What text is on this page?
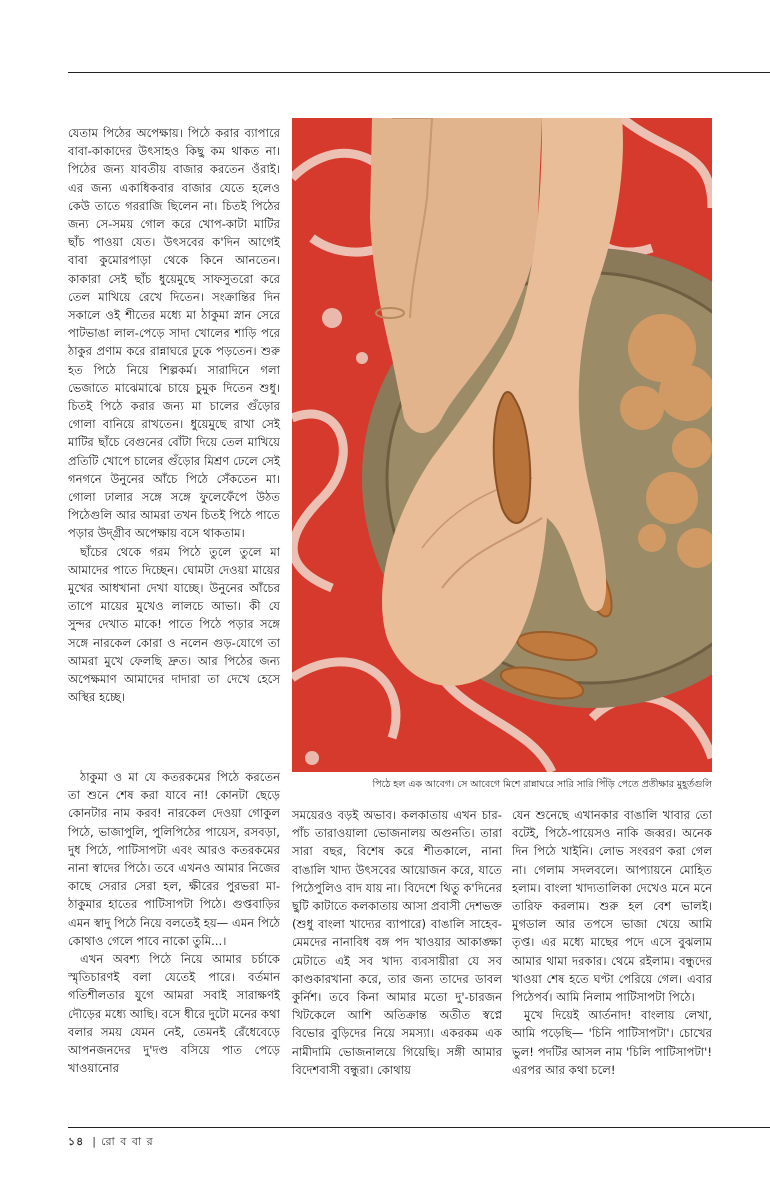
যেতাম পিঠের অপেক্ষায়। পিঠে করার ব্যাপারে বাবা-কাকাদের উৎসাহও কিছু কম থাকত না। পিঠের জন্য যাবতীয় বাজার করতেন ওঁরাই। এর জন্য একাধিকবার বাজার যেতে হলেও কেউ তাতে গররাজি ছিলেন না। চিতই পিঠের জন্য সে-সময় গোল করে খোপ-কাটা মাটির ছাঁচ পাওয়া যেত। উৎসবের ক'দিন আগেই বাবা কুমোরপাড়া থেকে কিনে আনতেন। কাকারা সেই ছাঁচ ধুয়েমুছে সাফসুতরো করে তেল মাখিয়ে রেখে দিতেন। সংক্রান্তির দিন সকালে ওই শীতের মধ্যে মা ঠাকুমা স্নান সেরে পাটভাঙা লাল-পেড়ে সাদা খোলের শাড়ি পরে ঠাকুর প্রণাম করে রান্নাঘরে ঢুকে পড়তেন। শুরু হত পিঠে নিয়ে শিল্পকর্ম। সারাদিনে গলা ভেজাতে মাঝেমাঝে চায়ে চুমুক দিতেন শুধু। চিতই পিঠে করার জন্য মা চালের গুঁড়োর গোলা বানিয়ে রাখতেন। ধুয়েমুছে রাখা সেই মাটির ছাঁচে বেগুনের বোঁটা দিয়ে তেল মাখিয়ে প্রতিটি খোপে চালের গুঁড়োর মিশ্রণ ঢেলে সেই গনগনে উনুনের আঁচে পিঠে সেঁকতেন মা। গোলা ঢালার সঙ্গে সঙ্গে ফুলেফেঁপে উঠত পিঠেগুলি আর আমরা তখন চিতই পিঠে পাতে পড়ার উদ্‌গ্রীব অপেক্ষায় বসে থাকতাম।

ছাঁচের থেকে গরম পিঠে তুলে তুলে মা আমাদের পাতে দিচ্ছেন। ঘোমটা দেওয়া মায়ের মুখের আধখানা দেখা যাচ্ছে। উনুনের আঁচের তাপে মায়ের মুখেও লালচে আভা। কী যে সুন্দর দেখাত মাকে! পাতে পিঠে পড়ার সঙ্গে সঙ্গে নারকেল কোরা ও নলেন গুড়-যোগে তা আমরা মুখে ফেলছি দ্রুত। আর পিঠের জন্য অপেক্ষমাণ আমাদের দাদারা তা দেখে হেসে অস্থির হচ্ছে।

পিঠে হল এক আবেগ। সে আবেগে মিশে রান্নাঘরে সারি সারি পিঁড়ি পেতে প্রতীক্ষার মুহূর্তগুলি

ঠাকুমা ও মা যে কতরকমের পিঠে করতেন তা শুনে শেষ করা যাবে না! কোনটা ছেড়ে কোনটার নাম করব! নারকেল দেওয়া গোকুল পিঠে, ভাজাপুলি, পুলিপিঠের পায়েস, রসবড়া, দুধ পিঠে, পাটিসাপটা এবং আরও কতরকমের নানা স্বাদের পিঠে। তবে এখনও আমার নিজের কাছে সেরার সেরা হল, ক্ষীরের পুরভরা মা-ঠাকুমার হাতের পাটিসাপটা পিঠে। গুপ্তবাড়ির এমন স্বাদু পিঠে নিয়ে বলতেই হয়— এমন পিঠে কোথাও গেলে পাবে নাকো তুমি...।

এখন অবশ্য পিঠে নিয়ে আমার চর্চাকে স্মৃতিচারণই বলা যেতেই পারে। বর্তমান গতিশীলতার যুগে আমরা সবাই সারাক্ষণই দৌড়ের মধ্যে আছি। বসে ধীরে দুটো মনের কথা বলার সময় যেমন নেই, তেমনই রেঁধেবেড়ে আপনজনদের দু'দণ্ড বসিয়ে পাত পেড়ে খাওয়ানোর

সময়েরও বড়ই অভাব। কলকাতায় এখন চার-পাঁচ তারাওয়ালা ভোজনালয় অগুনতি। তারা সারা বছর, বিশেষ করে শীতকালে, নানা বাঙালি খাদ্য উৎসবের আয়োজন করে, যাতে পিঠেপুলিও বাদ যায় না। বিদেশে থিতু ক'দিনের ছুটি কাটাতে কলকাতায় আসা প্রবাসী দেশভক্ত (শুধু বাংলা খাদ্যের ব্যাপারে) বাঙালি সাহেব-মেমদের নানাবিধ বঙ্গ পদ খাওয়ার আকাঙ্ক্ষা মেটাতে এই সব খাদ্য ব্যবসায়ীরা যে সব কাণ্ডকারখানা করে, তার জন্য তাদের ডাবল কুর্নিশ। তবে কিনা আমার মতো দু'-চারজন খিটকেলে আশি অতিক্রান্ত অতীত স্বপ্নে বিভোর বুড়িদের নিয়ে সমস্যা। একরকম এক নামীদামি ভোজনালয়ে গিয়েছি। সঙ্গী আমার বিদেশবাসী বন্ধুরা। কোথায়

যেন শুনেছে এখানকার বাঙালি খাবার তো বটেই, পিঠে-পায়েসও নাকি জব্বর। অনেক দিন পিঠে খাইনি। লোভ সংবরণ করা গেল না। গেলাম সদলবলে। আপ্যায়নে মোহিত হলাম। বাংলা খাদ্যতালিকা দেখেও মনে মনে তারিফ করলাম। শুরু হল বেশ ভালই। মুগডাল আর তপসে ভাজা খেয়ে আমি তৃপ্ত। এর মধ্যে মাছের পদে এসে বুঝলাম আমার থামা দরকার। থেমে রইলাম। বন্ধুদের খাওয়া শেষ হতে ঘণ্টা পেরিয়ে গেল। এবার পিঠেপর্ব। আমি নিলাম পাটিসাপটা পিঠে।

মুখে দিয়েই আর্তনাদ! বাংলায় লেখা, আমি পড়েছি— 'চিনি পাটিসাপটা'। চোখের ভুল! পদটির আসল নাম 'চিলি পাটিসাপটা'! এরপর আর কথা চলে!

১৪ | রো ব বা র
